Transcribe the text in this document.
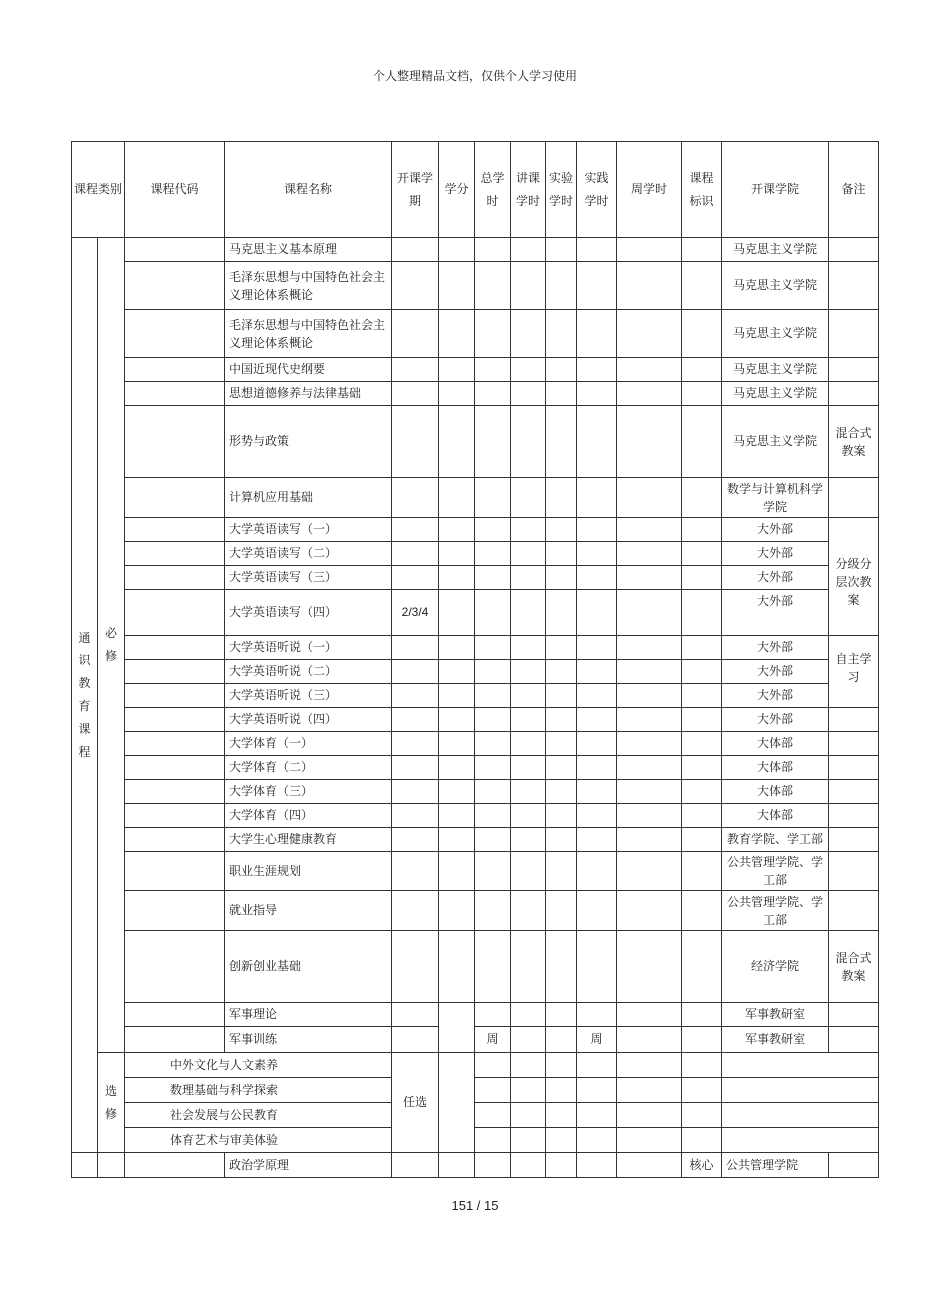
个人整理精品文档，仅供个人学习使用
课程类别		课程代码	课程名称	开课学期	学分	总学时	讲课学时	实验学时	实践学时	周学时	课程标识	开课学院	备注
通识教育课程	必修		马克思主义基本原理									马克思主义学院	
			毛泽东思想与中国特色社会主义理论体系概论									马克思主义学院	
			毛泽东思想与中国特色社会主义理论体系概论									马克思主义学院	
			中国近现代史纲要									马克思主义学院	
			思想道德修养与法律基础									马克思主义学院	
			形势与政策									马克思主义学院	混合式教案
			计算机应用基础									数学与计算机科学学院	
			大学英语读写（一）									大外部	分级分层次教案
			大学英语读写（二）									大外部	
			大学英语读写（三）									大外部	
			大学英语读写（四）	2/3/4								大外部	
			大学英语听说（一）									大外部	自主学习
			大学英语听说（二）									大外部	
			大学英语听说（三）									大外部	
			大学英语听说（四）									大外部	
			大学体育（一）									大体部	
			大学体育（二）									大体部	
			大学体育（三）									大体部	
			大学体育（四）									大体部	
			大学生心理健康教育									教育学院、学工部	
			职业生涯规划									公共管理学院、学工部	
			就业指导									公共管理学院、学工部	
			创新创业基础									经济学院	混合式教案
			军事理论									军事教研室	
			军事训练			周			周			军事教研室	
	选修	中外文化与人文素养		任选									
		数理基础与科学探索											
		社会发展与公民教育											
		体育艺术与审美体验											
			政治学原理								核心	公共管理学院	
151 / 15
